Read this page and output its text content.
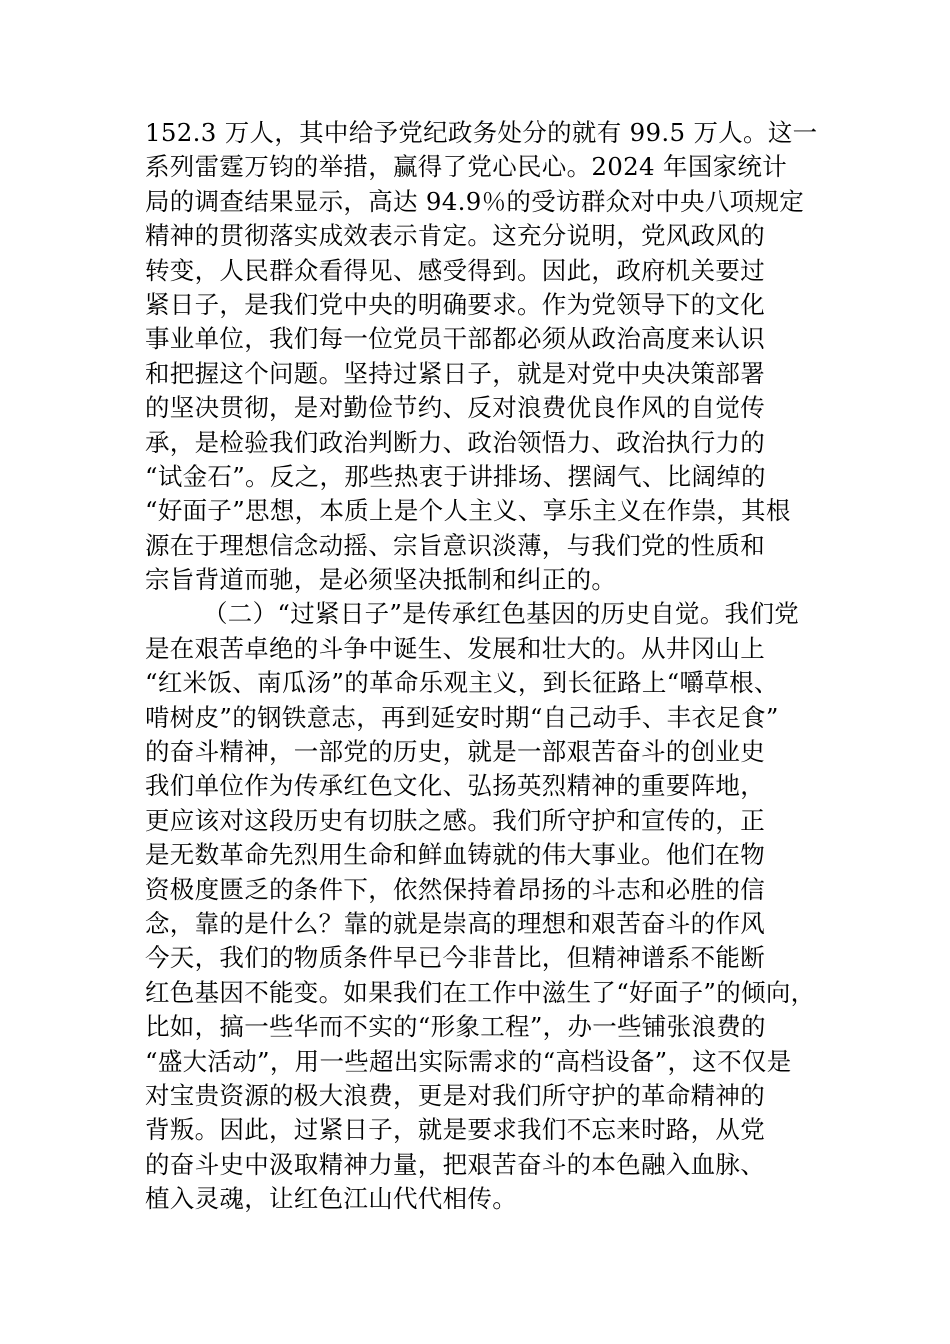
152.3 万人，其中给予党纪政务处分的就有 99.5 万人。这一
系列雷霆万钧的举措，赢得了党心民心。2024 年国家统计
局的调查结果显示，高达 94.9％的受访群众对中央八项规定
精神的贯彻落实成效表示肯定。这充分说明，党风政风的
转变，人民群众看得见、感受得到。因此，政府机关要过
紧日子，是我们党中央的明确要求。作为党领导下的文化
事业单位，我们每一位党员干部都必须从政治高度来认识
和把握这个问题。坚持过紧日子，就是对党中央决策部署
的坚决贯彻，是对勤俭节约、反对浪费优良作风的自觉传
承，是检验我们政治判断力、政治领悟力、政治执行力的
“试金石”。反之，那些热衷于讲排场、摆阔气、比阔绰的
“好面子”思想，本质上是个人主义、享乐主义在作祟，其根
源在于理想信念动摇、宗旨意识淡薄，与我们党的性质和
宗旨背道而驰，是必须坚决抵制和纠正的。
（二）“过紧日子”是传承红色基因的历史自觉。我们党
是在艰苦卓绝的斗争中诞生、发展和壮大的。从井冈山上
“红米饭、南瓜汤”的革命乐观主义，到长征路上“嚼草根、
啃树皮”的钢铁意志，再到延安时期“自己动手、丰衣足食”
的奋斗精神，一部党的历史，就是一部艰苦奋斗的创业史
我们单位作为传承红色文化、弘扬英烈精神的重要阵地，
更应该对这段历史有切肤之感。我们所守护和宣传的，正
是无数革命先烈用生命和鲜血铸就的伟大事业。他们在物
资极度匮乏的条件下，依然保持着昂扬的斗志和必胜的信
念，靠的是什么？靠的就是崇高的理想和艰苦奋斗的作风
今天，我们的物质条件早已今非昔比，但精神谱系不能断
红色基因不能变。如果我们在工作中滋生了“好面子”的倾向，
比如，搞一些华而不实的“形象工程”，办一些铺张浪费的
“盛大活动”，用一些超出实际需求的“高档设备”，这不仅是
对宝贵资源的极大浪费，更是对我们所守护的革命精神的
背叛。因此，过紧日子，就是要求我们不忘来时路，从党
的奋斗史中汲取精神力量，把艰苦奋斗的本色融入血脉、
植入灵魂，让红色江山代代相传。
